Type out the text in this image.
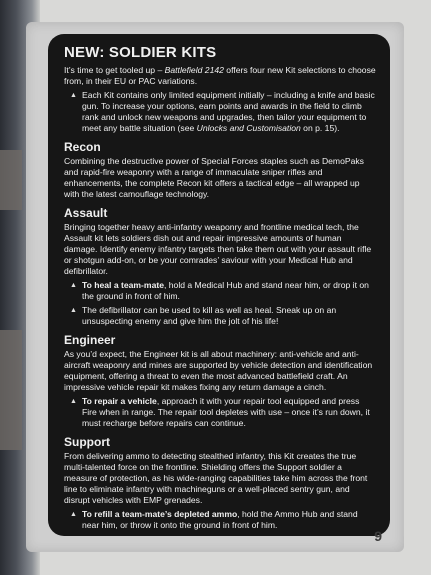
NEW: SOLDIER KITS

It’s time to get tooled up – Battlefield 2142 offers four new Kit selections to choose from, in their EU or PAC variations.

▲ Each Kit contains only limited equipment initially – including a knife and basic gun. To increase your options, earn points and awards in the field to climb rank and unlock new weapons and upgrades, then tailor your equipment to meet any battle situation (see Unlocks and Customisation on p. 15).
Recon

Combining the destructive power of Special Forces staples such as DemoPaks and rapid-fire weaponry with a range of immaculate sniper rifles and enhancements, the complete Recon kit offers a tactical edge – all wrapped up with the latest camouflage technology.

Assault

Bringing together heavy anti-infantry weaponry and frontline medical tech, the Assault kit lets soldiers dish out and repair impressive amounts of human damage. Identify enemy infantry targets then take them out with your assault rifle or shotgun add-on, or be your comrades’ saviour with your Medical Hub and defibrillator.

▲ To heal a team-mate, hold a Medical Hub and stand near him, or drop it on the ground in front of him.
▲ The defibrillator can be used to kill as well as heal. Sneak up on an unsuspecting enemy and give him the jolt of his life!
Engineer

As you’d expect, the Engineer kit is all about machinery: anti-vehicle and anti-aircraft weaponry and mines are supported by vehicle detection and identification equipment, offering a threat to even the most advanced battlefield craft. An impressive vehicle repair kit makes fixing any return damage a cinch.

▲ To repair a vehicle, approach it with your repair tool equipped and press Fire when in range. The repair tool depletes with use – once it’s run down, it must recharge before repairs can continue.
Support

From delivering ammo to detecting stealthed infantry, this Kit creates the true multi-talented force on the frontline. Shielding offers the Support soldier a measure of protection, as his wide-ranging capabilities take him across the front line to eliminate infantry with machineguns or a well-placed sentry gun, and disrupt vehicles with EMP grenades.

▲ To refill a team-mate’s depleted ammo, hold the Ammo Hub and stand near him, or throw it onto the ground in front of him.
9
